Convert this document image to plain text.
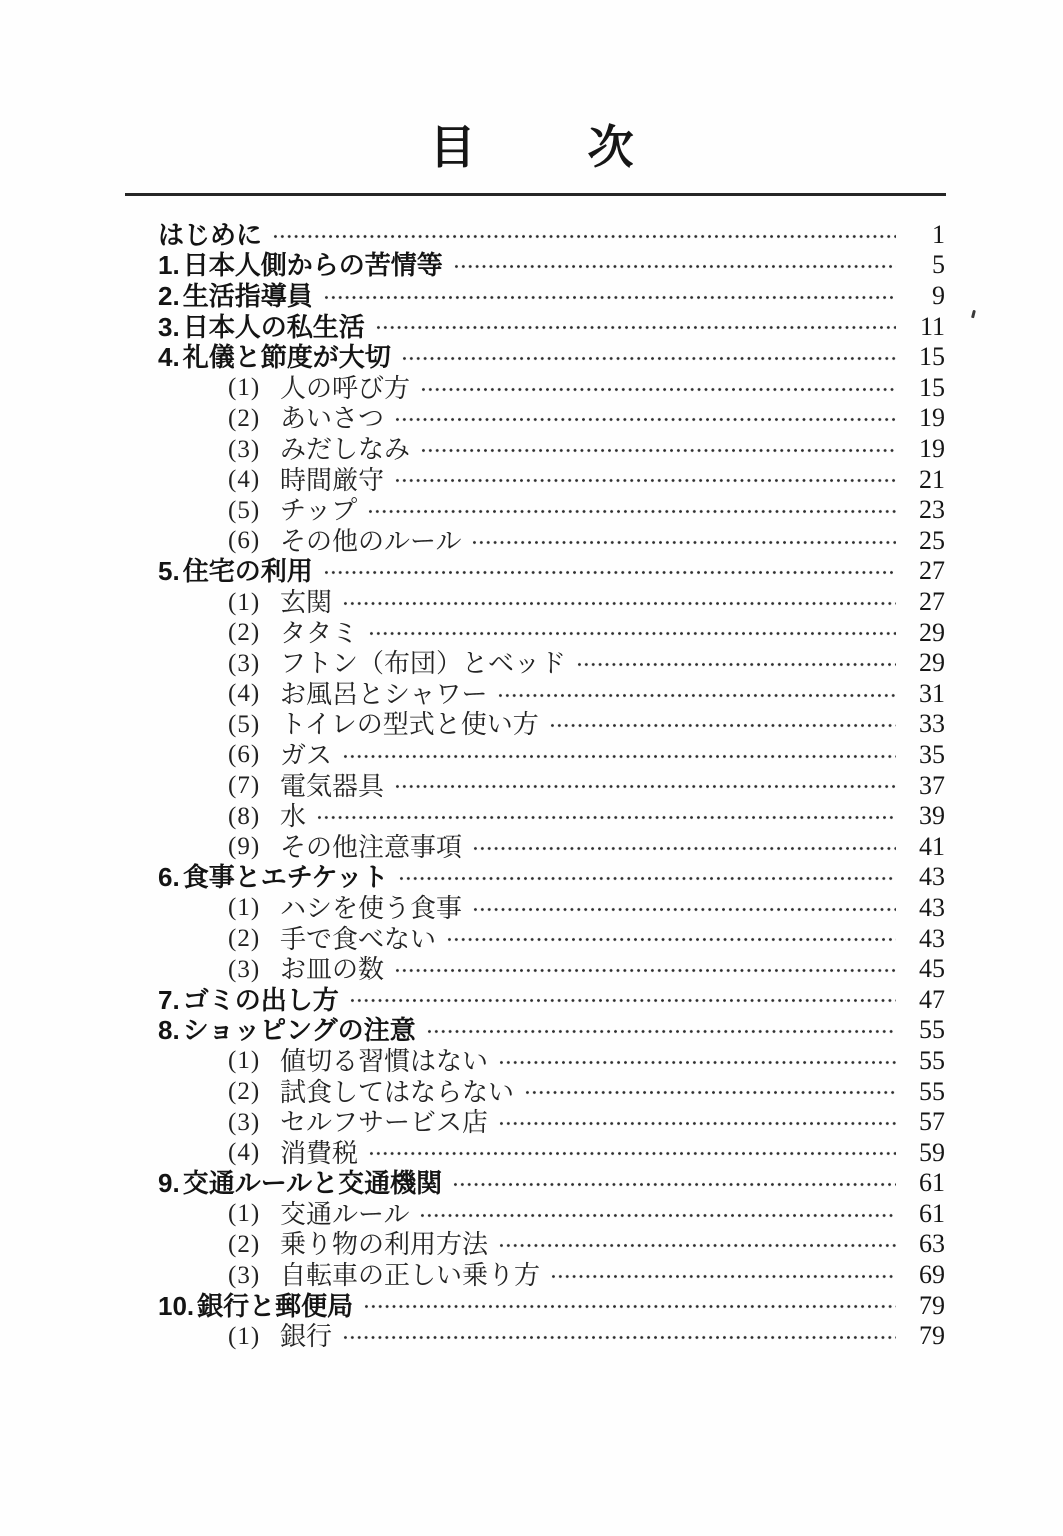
目 次
はじめに	1
1. 日本人側からの苦情等	5
2. 生活指導員	9
3. 日本人の私生活	11
4. 礼儀と節度が大切	15
(1) 人の呼び方	15
(2) あいさつ	19
(3) みだしなみ	19
(4) 時間厳守	21
(5) チップ	23
(6) その他のルール	25
5. 住宅の利用	27
(1) 玄関	27
(2) タタミ	29
(3) フトン（布団）とベッド	29
(4) お風呂とシャワー	31
(5) トイレの型式と使い方	33
(6) ガス	35
(7) 電気器具	37
(8) 水	39
(9) その他注意事項	41
6. 食事とエチケット	43
(1) ハシを使う食事	43
(2) 手で食べない	43
(3) お皿の数	45
7. ゴミの出し方	47
8. ショッピングの注意	55
(1) 値切る習慣はない	55
(2) 試食してはならない	55
(3) セルフサービス店	57
(4) 消費税	59
9. 交通ルールと交通機関	61
(1) 交通ルール	61
(2) 乗り物の利用方法	63
(3) 自転車の正しい乗り方	69
10. 銀行と郵便局	79
(1) 銀行	79
